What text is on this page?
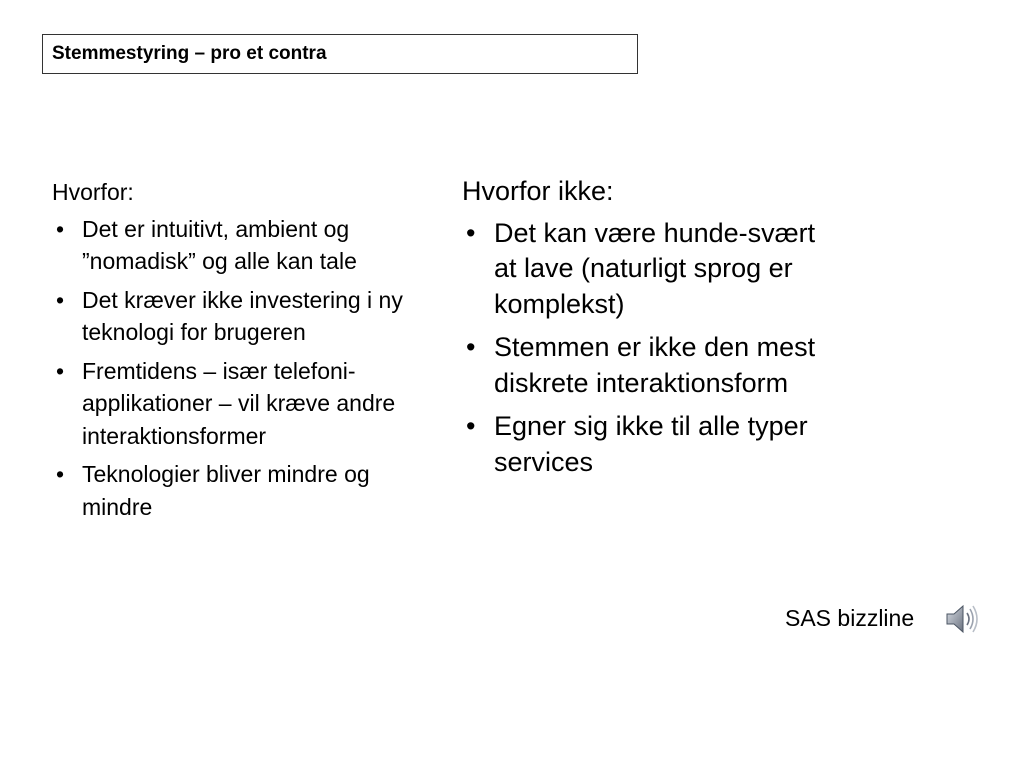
Stemmestyring – pro et contra
Hvorfor:
• Det er intuitivt, ambient og ”nomadisk” og alle kan tale
• Det kræver ikke investering i ny teknologi for brugeren
• Fremtidens – især telefoni-applikationer – vil kræve andre interaktionsformer
• Teknologier bliver mindre og mindre
Hvorfor ikke:
• Det kan være hunde-svært at lave (naturligt sprog er komplekst)
• Stemmen er ikke den mest diskrete interaktionsform
• Egner sig ikke til alle typer services
SAS bizzline
